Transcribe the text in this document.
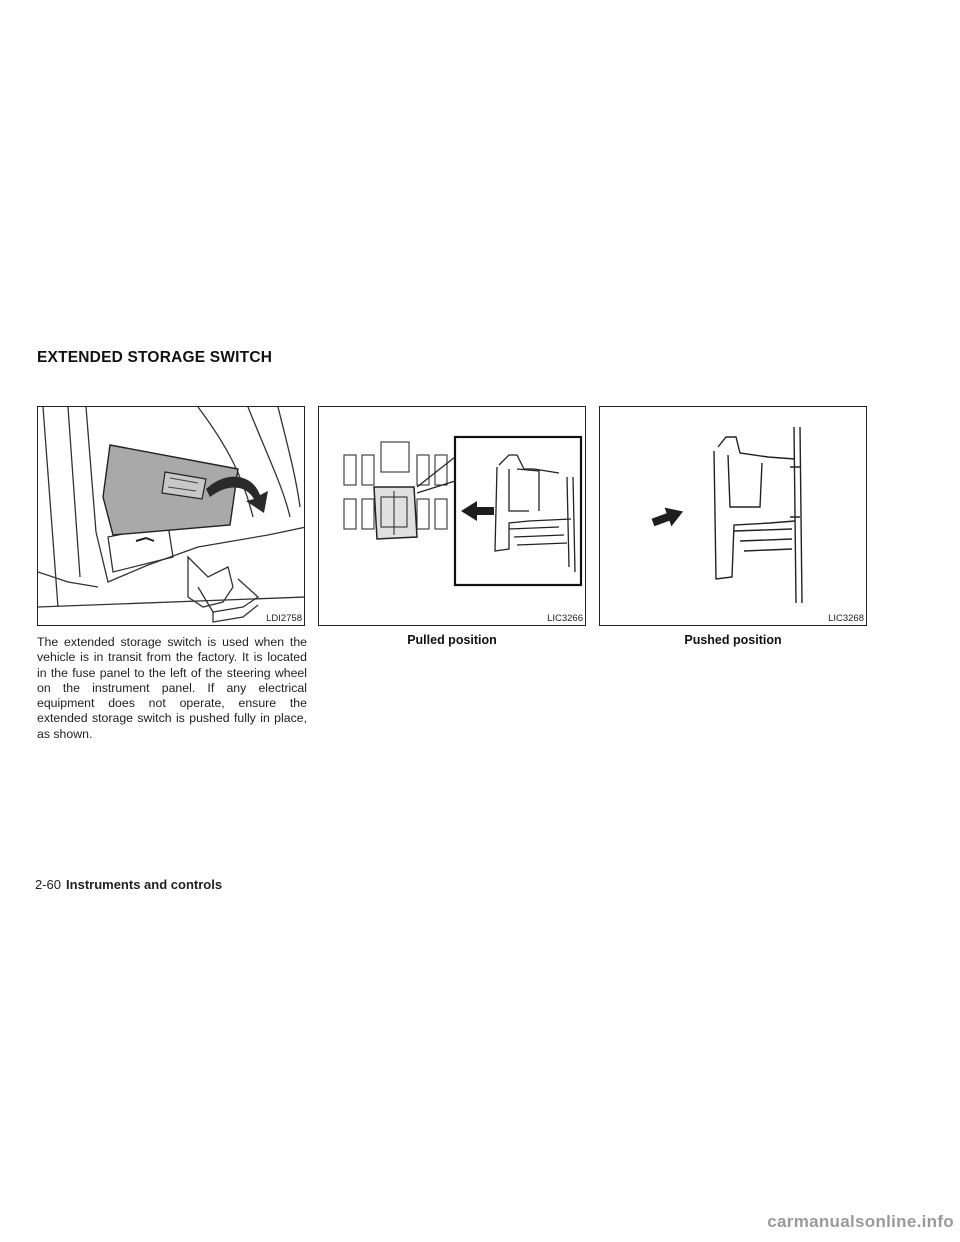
EXTENDED STORAGE SWITCH
LDI2758	LIC3266	LIC3268
Pulled position	Pushed position
The extended storage switch is used when the vehicle is in transit from the factory. It is located in the fuse panel to the left of the steering wheel on the instrument panel. If any electrical equipment does not operate, ensure the extended storage switch is pushed fully in place, as shown.
2-60 Instruments and controls
carmanualsonline.info
